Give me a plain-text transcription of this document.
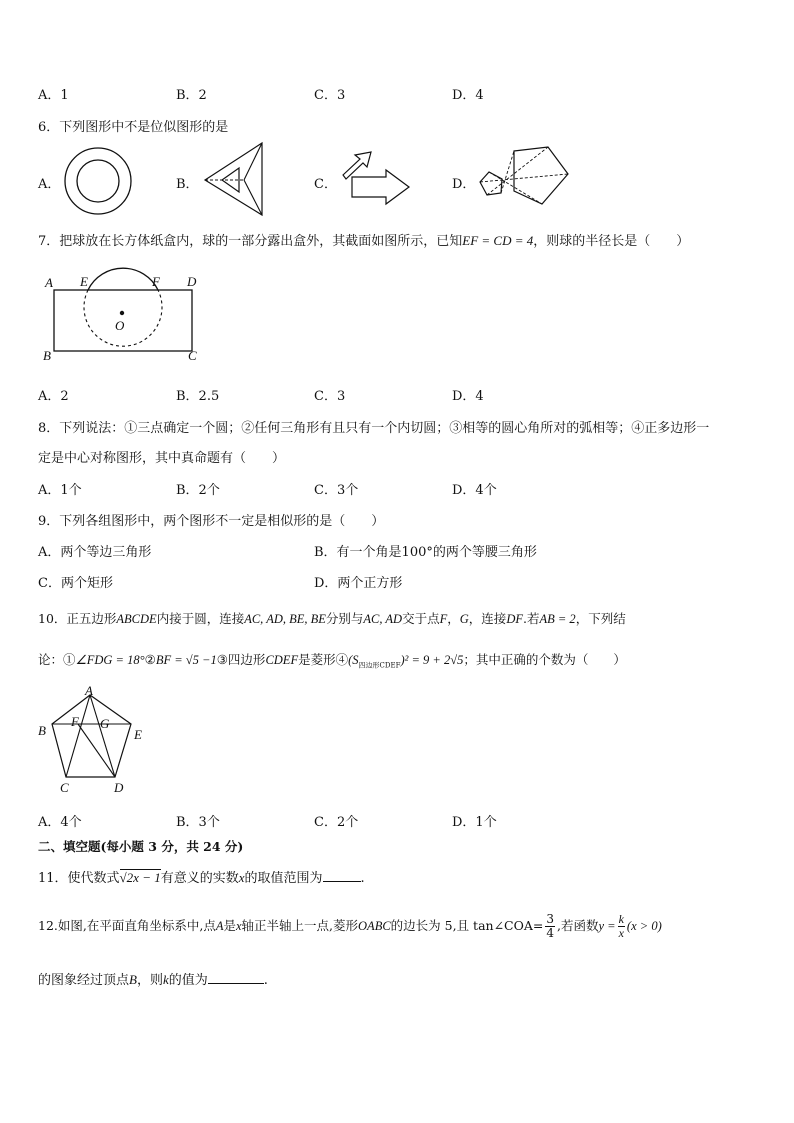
A．1	B．2	C．3	D．4
6．下列图形中不是位似图形的是
A．	B．	C．	D．
7．把球放在长方体纸盒内，球的一部分露出盒外，其截面如图所示，已知EF = CD = 4，则球的半径长是（　　）
A E	F D
O
B	C
A．2	B．2.5	C．3	D．4
8．下列说法：①三点确定一个圆；②任何三角形有且只有一个内切圆；③相等的圆心角所对的弧相等；④正多边形一
定是中心对称图形，其中真命题有（　　）
A．1个	B．2个	C．3个	D．4个
9．下列各组图形中，两个图形不一定是相似形的是（　　）
A．两个等边三角形	B．有一个角是100°的两个等腰三角形
C．两个矩形	D．两个正方形
10．正五边形ABCDE内接于圆，连接AC, AD, BE, BE分别与AC, AD交于点F，G，连接DF.若AB = 2，下列结
论：①∠FDG = 18°②BF = √5 −1③四边形CDEF是菱形$④(S_{四边形CDEF})^2 = 9 + 2√5$；其中正确的个数为（　　）
A
B	E
F G
C	D
A．4个	B．3个	C．2个	D．1个
二、填空题(每小题 3 分，共 24 分)
11．使代数式√2x − 1有意义的实数x的取值范围为	.
12.如图,在平面直角坐标系中,点A是x轴正半轴上一点,菱形OABC的边长为 5,且 tan∠COA= $\frac{3}{4}$ ,若函数$y = \frac{k}{x} (x > 0)$
的图象经过顶点B，则k的值为	.
